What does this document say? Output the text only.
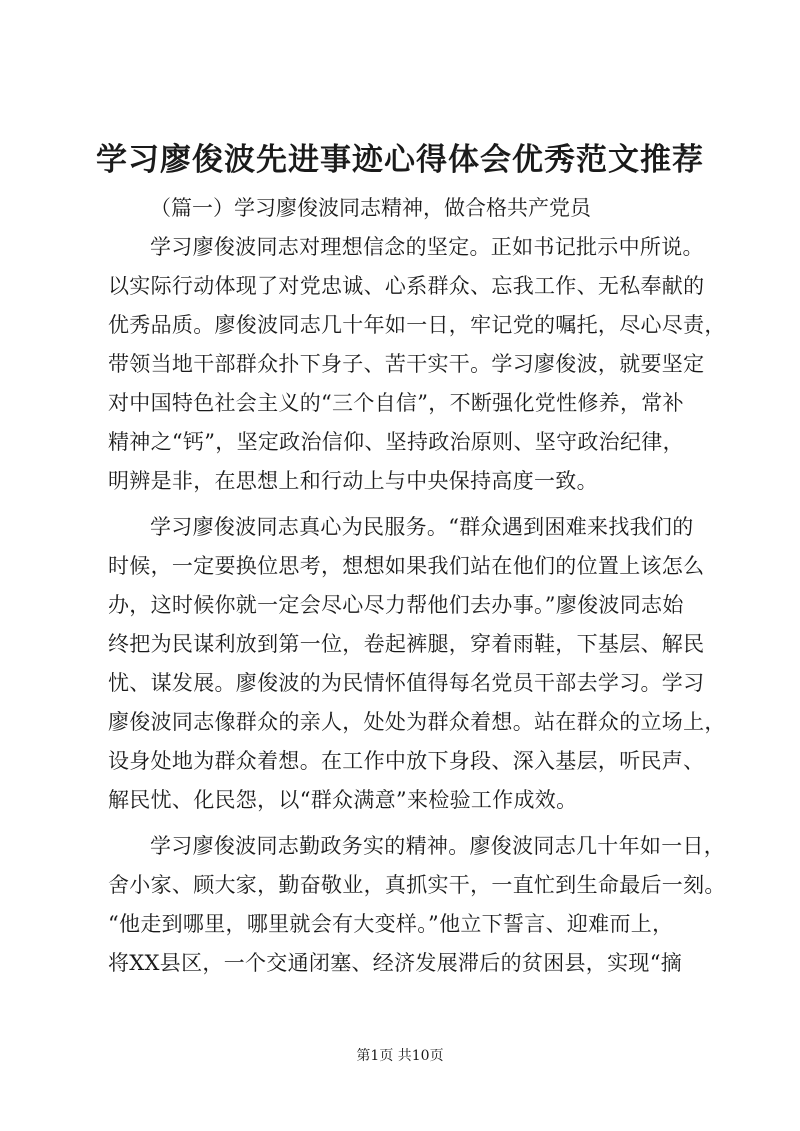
学习廖俊波先进事迹心得体会优秀范文推荐
（篇一）学习廖俊波同志精神，做合格共产党员
学习廖俊波同志对理想信念的坚定。正如书记批示中所说。
以实际行动体现了对党忠诚、心系群众、忘我工作、无私奉献的
优秀品质。廖俊波同志几十年如一日，牢记党的嘱托，尽心尽责，
带领当地干部群众扑下身子、苦干实干。学习廖俊波，就要坚定
对中国特色社会主义的“三个自信”，不断强化党性修养，常补
精神之“钙”，坚定政治信仰、坚持政治原则、坚守政治纪律，
明辨是非，在思想上和行动上与中央保持高度一致。
学习廖俊波同志真心为民服务。“群众遇到困难来找我们的
时候，一定要换位思考，想想如果我们站在他们的位置上该怎么
办，这时候你就一定会尽心尽力帮他们去办事。”廖俊波同志始
终把为民谋利放到第一位，卷起裤腿，穿着雨鞋，下基层、解民
忧、谋发展。廖俊波的为民情怀值得每名党员干部去学习。学习
廖俊波同志像群众的亲人，处处为群众着想。站在群众的立场上，
设身处地为群众着想。在工作中放下身段、深入基层，听民声、
解民忧、化民怨，以“群众满意”来检验工作成效。
学习廖俊波同志勤政务实的精神。廖俊波同志几十年如一日，
舍小家、顾大家，勤奋敬业，真抓实干，一直忙到生命最后一刻。
“他走到哪里，哪里就会有大变样。”他立下誓言、迎难而上，
将XX县区，一个交通闭塞、经济发展滞后的贫困县，实现“摘
第1页 共10页
